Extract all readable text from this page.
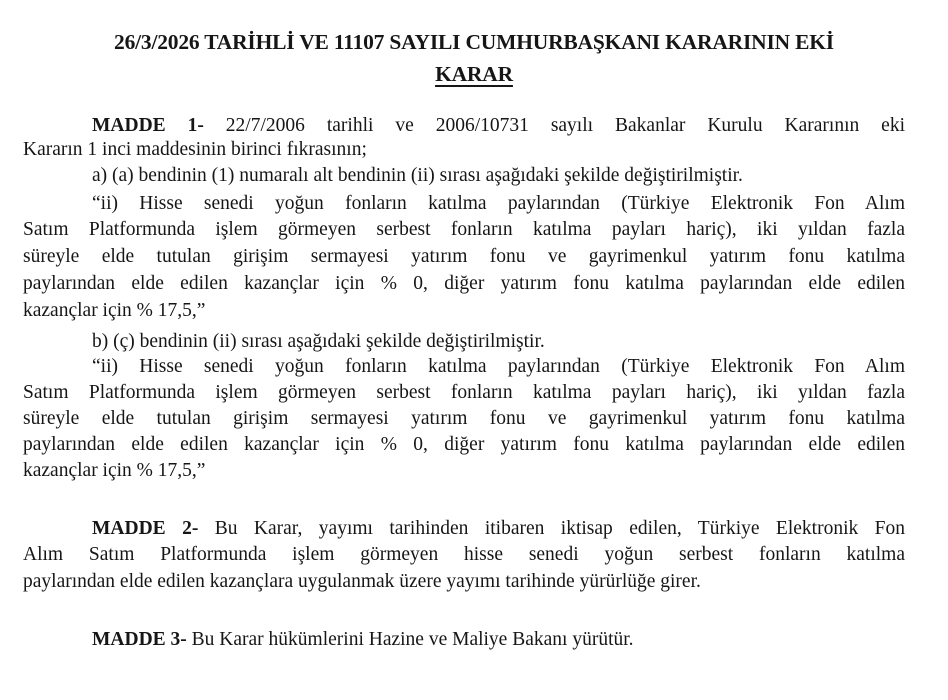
26/3/2026 TARİHLİ VE 11107 SAYILI CUMHURBAŞKANI KARARININ EKİ
KARAR
MADDE 1- 22/7/2006 tarihli ve 2006/10731 sayılı Bakanlar Kurulu Kararının eki
Kararın 1 inci maddesinin birinci fıkrasının;
a) (a) bendinin (1) numaralı alt bendinin (ii) sırası aşağıdaki şekilde değiştirilmiştir.
“ii) Hisse senedi yoğun fonların katılma paylarından (Türkiye Elektronik Fon Alım
Satım Platformunda işlem görmeyen serbest fonların katılma payları hariç), iki yıldan fazla
süreyle elde tutulan girişim sermayesi yatırım fonu ve gayrimenkul yatırım fonu katılma
paylarından elde edilen kazançlar için % 0, diğer yatırım fonu katılma paylarından elde edilen
kazançlar için % 17,5,”
b) (ç) bendinin (ii) sırası aşağıdaki şekilde değiştirilmiştir.
“ii) Hisse senedi yoğun fonların katılma paylarından (Türkiye Elektronik Fon Alım
Satım Platformunda işlem görmeyen serbest fonların katılma payları hariç), iki yıldan fazla
süreyle elde tutulan girişim sermayesi yatırım fonu ve gayrimenkul yatırım fonu katılma
paylarından elde edilen kazançlar için % 0, diğer yatırım fonu katılma paylarından elde edilen
kazançlar için % 17,5,”
MADDE 2- Bu Karar, yayımı tarihinden itibaren iktisap edilen, Türkiye Elektronik Fon
Alım Satım Platformunda işlem görmeyen hisse senedi yoğun serbest fonların katılma
paylarından elde edilen kazançlara uygulanmak üzere yayımı tarihinde yürürlüğe girer.
MADDE 3- Bu Karar hükümlerini Hazine ve Maliye Bakanı yürütür.
